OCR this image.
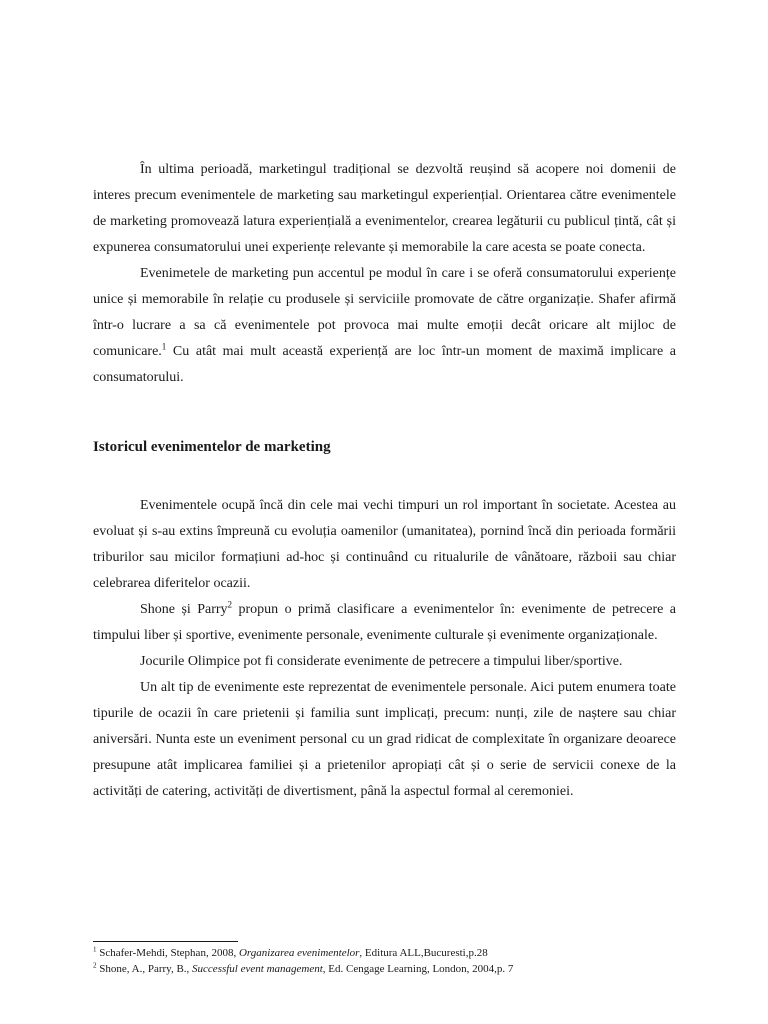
În ultima perioadă, marketingul tradițional se dezvoltă reușind să acopere noi domenii de interes precum evenimentele de marketing sau marketingul experiențial. Orientarea către evenimentele de marketing promovează latura experiențială a evenimentelor, crearea legăturii cu publicul țintă, cât și expunerea consumatorului unei experiențe relevante și memorabile la care acesta se poate conecta.

Evenimetele de marketing pun accentul pe modul în care i se oferă consumatorului experiențe unice și memorabile în relație cu produsele și serviciile promovate de către organizație. Shafer afirmă într-o lucrare a sa că evenimentele pot provoca mai multe emoții decât oricare alt mijloc de comunicare.$^1$ Cu atât mai mult această experiență are loc într-un moment de maximă implicare a consumatorului.

Istoricul evenimentelor de marketing

Evenimentele ocupă încă din cele mai vechi timpuri un rol important în societate. Acestea au evoluat și s-au extins împreună cu evoluția oamenilor (umanitatea), pornind încă din perioada formării triburilor sau micilor formațiuni ad-hoc și continuând cu ritualurile de vânătoare, războii sau chiar celebrarea diferitelor ocazii.

Shone și Parry$^2$ propun o primă clasificare a evenimentelor în: evenimente de petrecere a timpului liber și sportive, evenimente personale, evenimente culturale și evenimente organizaționale.

Jocurile Olimpice pot fi considerate evenimente de petrecere a timpului liber/sportive.

Un alt tip de evenimente este reprezentat de evenimentele personale. Aici putem enumera toate tipurile de ocazii în care prietenii și familia sunt implicați, precum: nunți, zile de naștere sau chiar aniversări. Nunta este un eveniment personal cu un grad ridicat de complexitate în organizare deoarece presupune atât implicarea familiei și a prietenilor apropiați cât și o serie de servicii conexe de la activități de catering, activități de divertisment, până la aspectul formal al ceremoniei.

$^1$ Schafer-Mehdi, Stephan, 2008, Organizarea evenimentelor, Editura ALL,Bucuresti,p.28

$^2$ Shone, A., Parry, B., Successful event management, Ed. Cengage Learning, London, 2004,p. 7
